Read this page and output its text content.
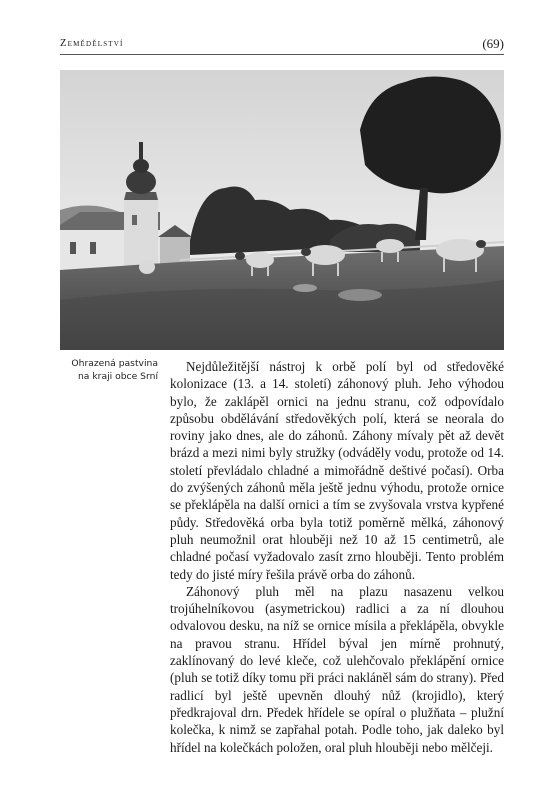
Zemědělství	(69)
Ohrazená pastvina
na kraji obce Srní

Nejdůležitější nástroj k orbě polí byl od středověké kolonizace (13. a 14. století) záhonový pluh. Jeho výhodou bylo, že zaklápěl ornici na jednu stranu, což odpovídalo způsobu obdělávání středověkých polí, která se neorala do roviny jako dnes, ale do záhonů. Záhony mívaly pět až devět brázd a mezi nimi byly stružky (odváděly vodu, protože od 14. století převládalo chladné a mimořádně deštivé počasí). Orba do zvýšených záhonů měla ještě jednu výhodu, protože ornice se překlápěla na další ornici a tím se zvyšovala vrstva kypřené půdy. Středověká orba byla totiž poměrně mělká, záhonový pluh neumožnil orat hlouběji než 10 až 15 centimetrů, ale chladné počasí vyžadovalo zasít zrno hlouběji. Tento problém tedy do jisté míry řešila právě orba do záhonů.

Záhonový pluh měl na plazu nasazenu velkou trojúhelníkovou (asymetrickou) radlici a za ní dlouhou odvalovou desku, na níž se ornice mísila a překlápěla, obvykle na pravou stranu. Hřídel býval jen mírně prohnutý, zaklínovaný do levé kleče, což ulehčovalo překlápění ornice (pluh se totiž díky tomu při práci nakláněl sám do strany). Před radlicí byl ještě upevněn dlouhý nůž (krojidlo), který předkrajoval drn. Předek hřídele se opíral o plužňata – plužní kolečka, k nimž se zapřahal potah. Podle toho, jak daleko byl hřídel na kolečkách položen, oral pluh hlouběji nebo mělčeji.
